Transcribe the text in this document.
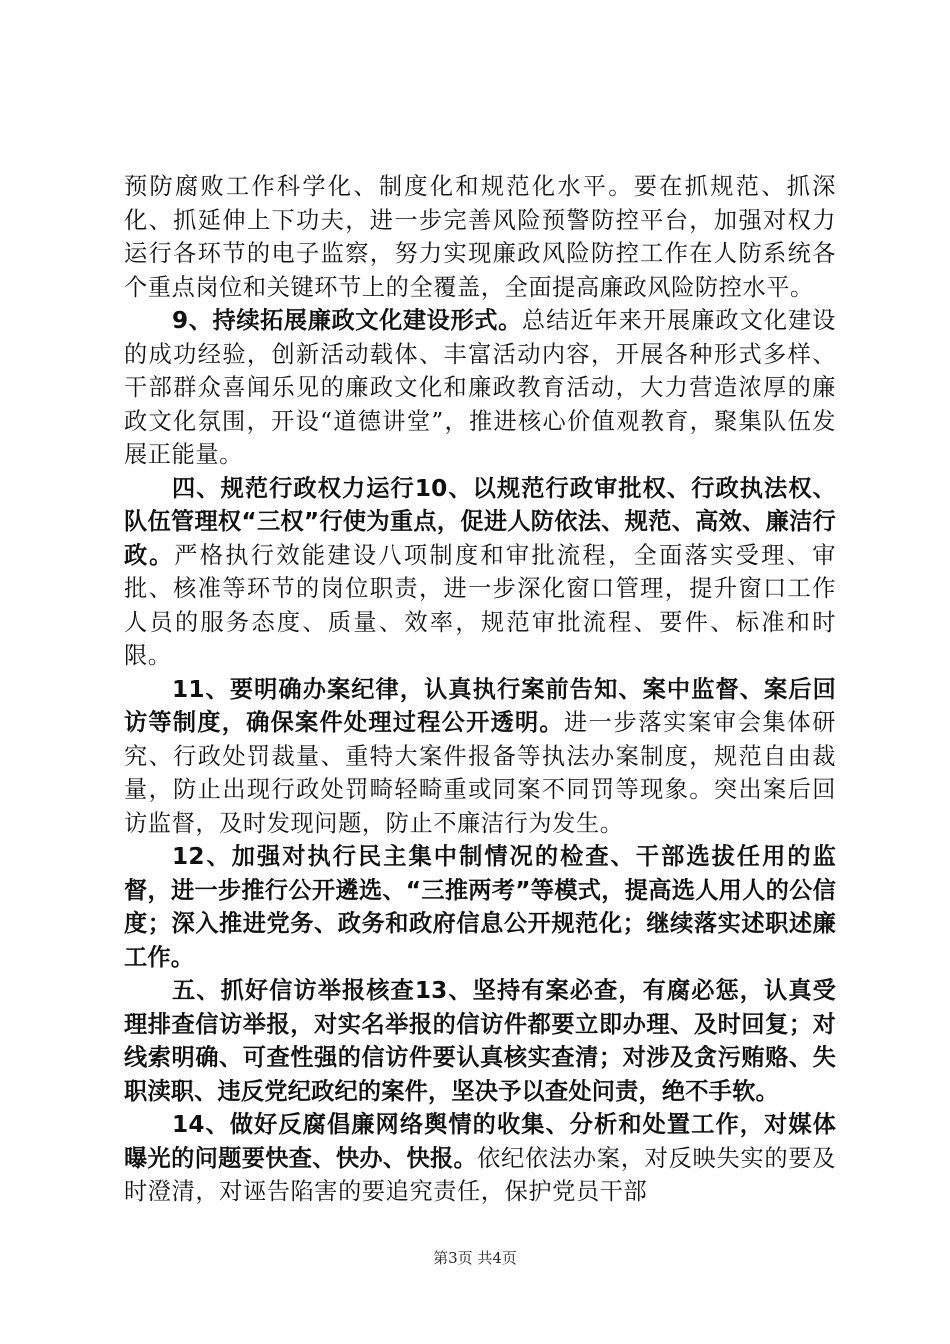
预防腐败工作科学化、制度化和规范化水平。要在抓规范、抓深化、抓延伸上下功夫，进一步完善风险预警防控平台，加强对权力运行各环节的电子监察，努力实现廉政风险防控工作在人防系统各个重点岗位和关键环节上的全覆盖，全面提高廉政风险防控水平。

9、持续拓展廉政文化建设形式。总结近年来开展廉政文化建设的成功经验，创新活动载体、丰富活动内容，开展各种形式多样、干部群众喜闻乐见的廉政文化和廉政教育活动，大力营造浓厚的廉政文化氛围，开设“道德讲堂”，推进核心价值观教育，聚集队伍发展正能量。

四、规范行政权力运行10、以规范行政审批权、行政执法权、队伍管理权“三权”行使为重点，促进人防依法、规范、高效、廉洁行政。严格执行效能建设八项制度和审批流程，全面落实受理、审批、核准等环节的岗位职责，进一步深化窗口管理，提升窗口工作人员的服务态度、质量、效率，规范审批流程、要件、标准和时限。

11、要明确办案纪律，认真执行案前告知、案中监督、案后回访等制度，确保案件处理过程公开透明。进一步落实案审会集体研究、行政处罚裁量、重特大案件报备等执法办案制度，规范自由裁量，防止出现行政处罚畸轻畸重或同案不同罚等现象。突出案后回访监督，及时发现问题，防止不廉洁行为发生。

12、加强对执行民主集中制情况的检查、干部选拔任用的监督，进一步推行公开遴选、“三推两考”等模式，提高选人用人的公信度；深入推进党务、政务和政府信息公开规范化；继续落实述职述廉工作。

五、抓好信访举报核查13、坚持有案必查，有腐必惩，认真受理排查信访举报，对实名举报的信访件都要立即办理、及时回复；对线索明确、可查性强的信访件要认真核实查清；对涉及贪污贿赂、失职渎职、违反党纪政纪的案件，坚决予以查处问责，绝不手软。

14、做好反腐倡廉网络舆情的收集、分析和处置工作，对媒体曝光的问题要快查、快办、快报。依纪依法办案，对反映失实的要及时澄清，对诬告陷害的要追究责任，保护党员干部

第3页 共4页
